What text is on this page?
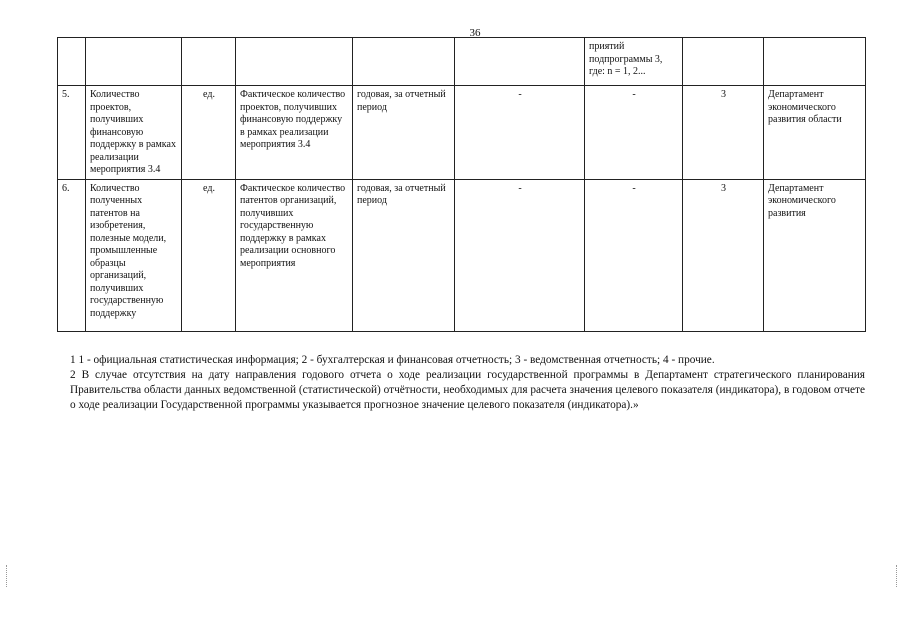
36
						приятий подпрограммы 3, где: n = 1, 2...		
5.	Количество проектов, получивших финансовую поддержку в рамках реализации мероприятия 3.4	ед.	Фактическое количество проектов, получивших финансовую поддержку в рамках реализации мероприятия 3.4	годовая, за отчетный период	-	-	3	Департамент экономического развития области
6.	Количество полученных патентов на изобретения, полезные модели, промышленные образцы организаций, получивших государственную поддержку	ед.	Фактическое количество патентов организаций, получивших государственную поддержку в рамках реализации основного мероприятия	годовая, за отчетный период	-	-	3	Департамент экономического развития

1 1 - официальная статистическая информация; 2 - бухгалтерская и финансовая отчетность; 3 - ведомственная отчетность; 4 - прочие.

2 В случае отсутствия на дату направления годового отчета о ходе реализации государственной программы в Департамент стратегического планирования Правительства области данных ведомственной (статистической) отчётности, необходимых для расчета значения целевого показателя (индикатора), в годовом отчете о ходе реализации Государственной программы указывается прогнозное значение целевого показателя (индикатора).»
